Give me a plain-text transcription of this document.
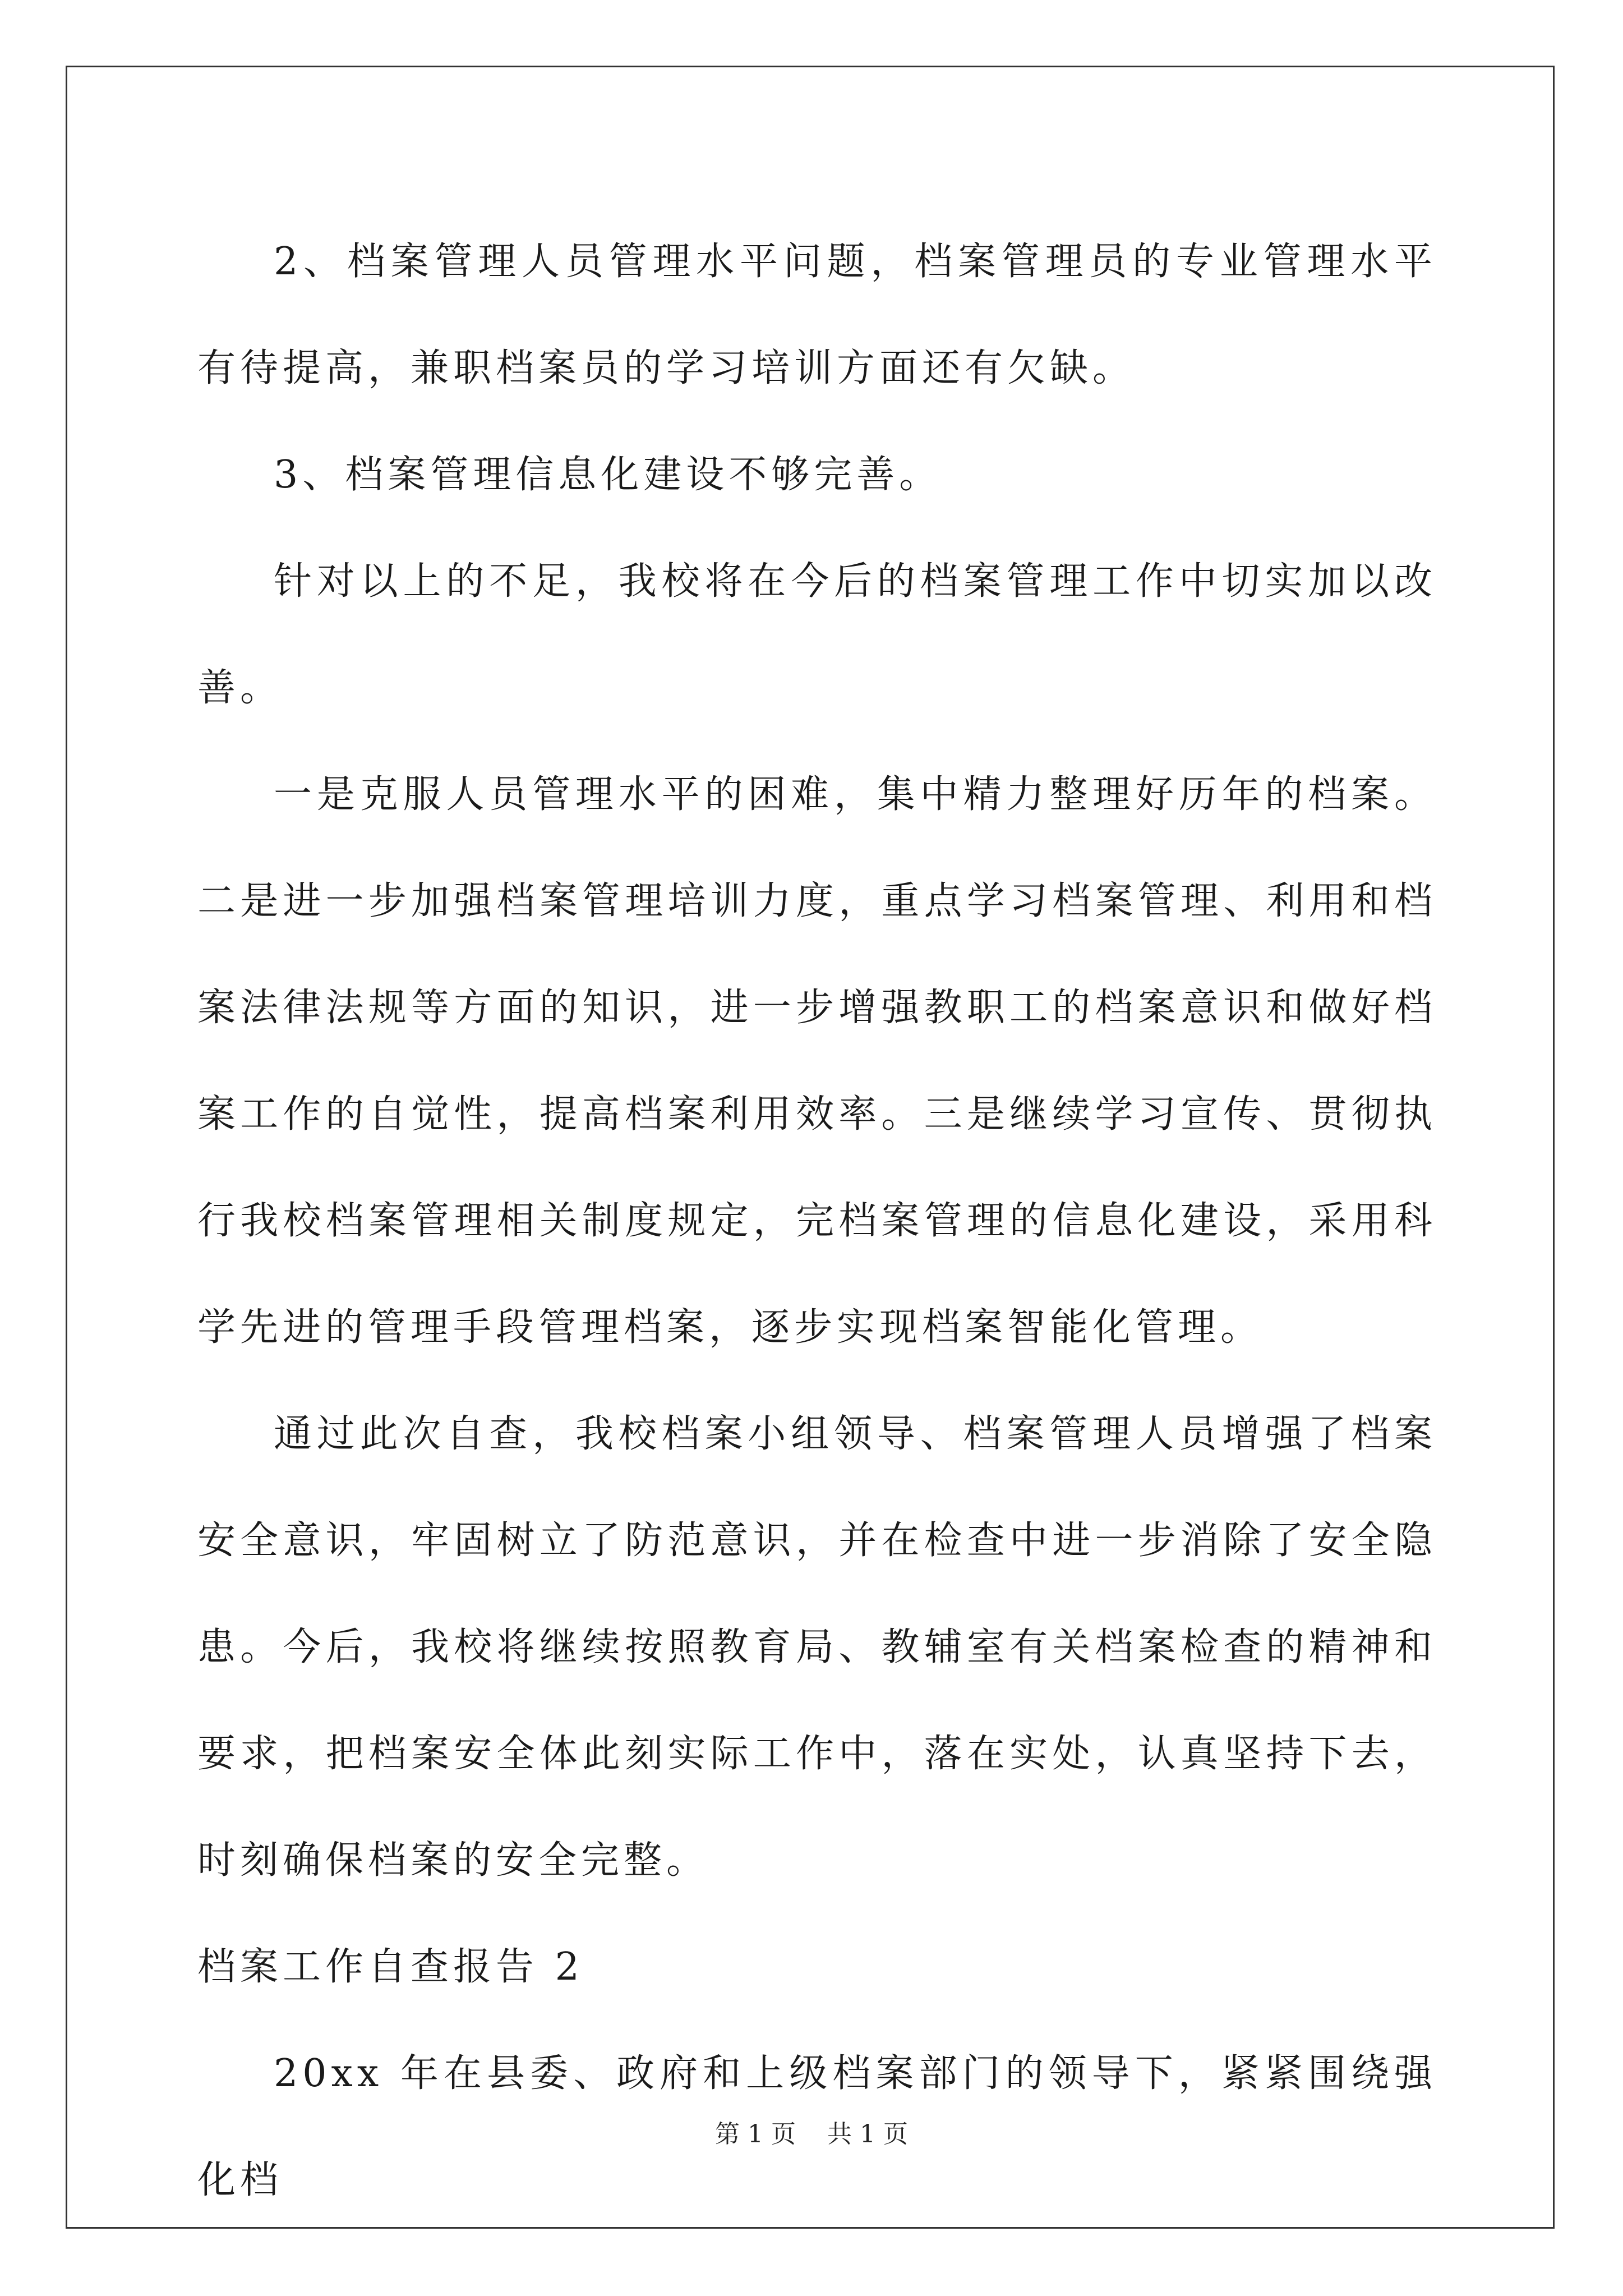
2、档案管理人员管理水平问题，档案管理员的专业管理水平有待提高，兼职档案员的学习培训方面还有欠缺。

3、档案管理信息化建设不够完善。

针对以上的不足，我校将在今后的档案管理工作中切实加以改善。

一是克服人员管理水平的困难，集中精力整理好历年的档案。二是进一步加强档案管理培训力度，重点学习档案管理、利用和档案法律法规等方面的知识，进一步增强教职工的档案意识和做好档案工作的自觉性，提高档案利用效率。三是继续学习宣传、贯彻执行我校档案管理相关制度规定，完档案管理的信息化建设，采用科学先进的管理手段管理档案，逐步实现档案智能化管理。

通过此次自查，我校档案小组领导、档案管理人员增强了档案安全意识，牢固树立了防范意识，并在检查中进一步消除了安全隐患。今后，我校将继续按照教育局、教辅室有关档案检查的精神和要求，把档案安全体此刻实际工作中，落在实处，认真坚持下去，时刻确保档案的安全完整。

档案工作自查报告 2

20xx 年在县委、政府和上级档案部门的领导下，紧紧围绕强化档

第 1 页 共 1 页
